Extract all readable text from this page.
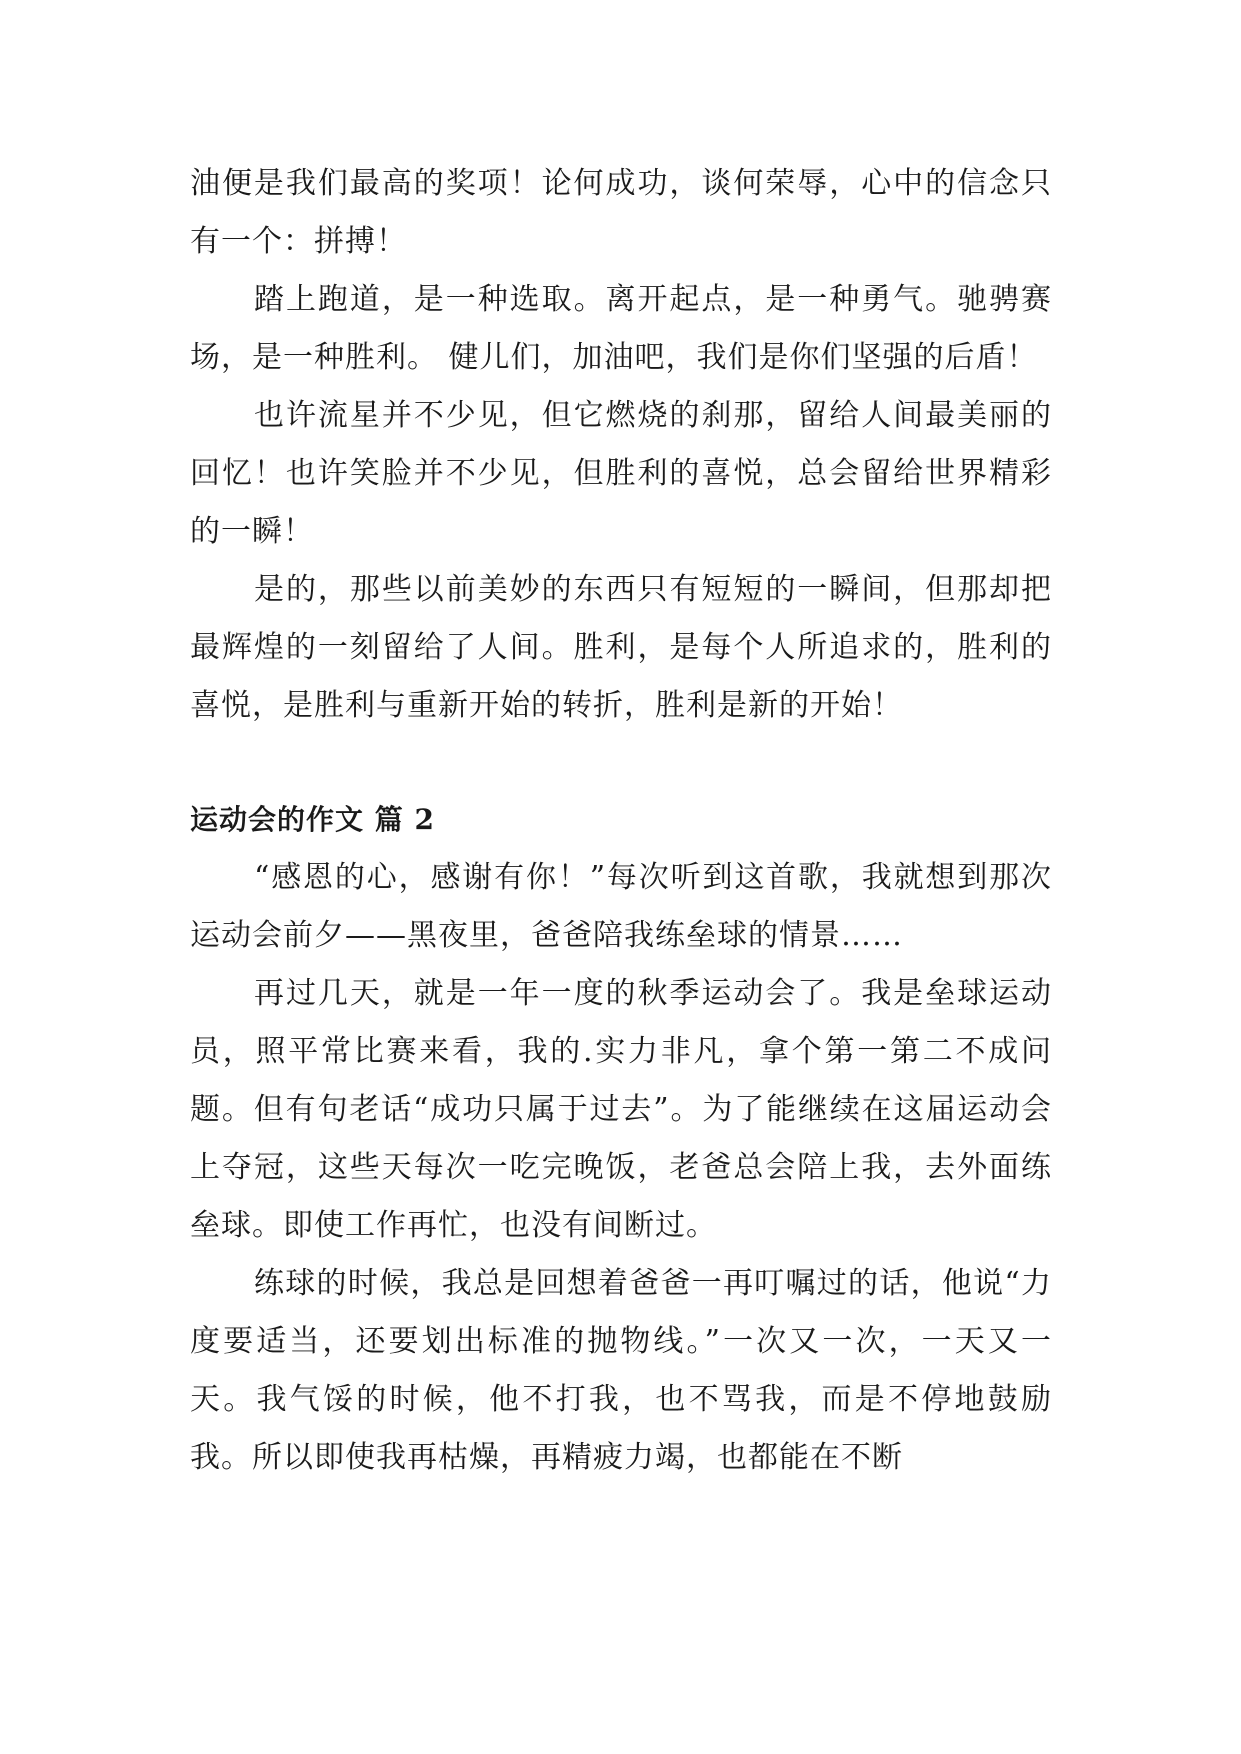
油便是我们最高的奖项！论何成功，谈何荣辱，心中的信念只有一个：拼搏！

踏上跑道，是一种选取。离开起点，是一种勇气。驰骋赛场，是一种胜利。 健儿们，加油吧，我们是你们坚强的后盾！

也许流星并不少见，但它燃烧的刹那，留给人间最美丽的回忆！也许笑脸并不少见，但胜利的喜悦，总会留给世界精彩的一瞬！

是的，那些以前美妙的东西只有短短的一瞬间，但那却把最辉煌的一刻留给了人间。胜利，是每个人所追求的，胜利的喜悦，是胜利与重新开始的转折，胜利是新的开始！

运动会的作文 篇 2

“感恩的心，感谢有你！”每次听到这首歌，我就想到那次运动会前夕——黑夜里，爸爸陪我练垒球的情景……

再过几天，就是一年一度的秋季运动会了。我是垒球运动员，照平常比赛来看，我的.实力非凡，拿个第一第二不成问题。但有句老话“成功只属于过去”。为了能继续在这届运动会上夺冠，这些天每次一吃完晚饭，老爸总会陪上我，去外面练垒球。即使工作再忙，也没有间断过。

练球的时候，我总是回想着爸爸一再叮嘱过的话，他说“力度要适当，还要划出标准的抛物线。”一次又一次，一天又一天。我气馁的时候，他不打我，也不骂我，而是不停地鼓励我。所以即使我再枯燥，再精疲力竭，也都能在不断
